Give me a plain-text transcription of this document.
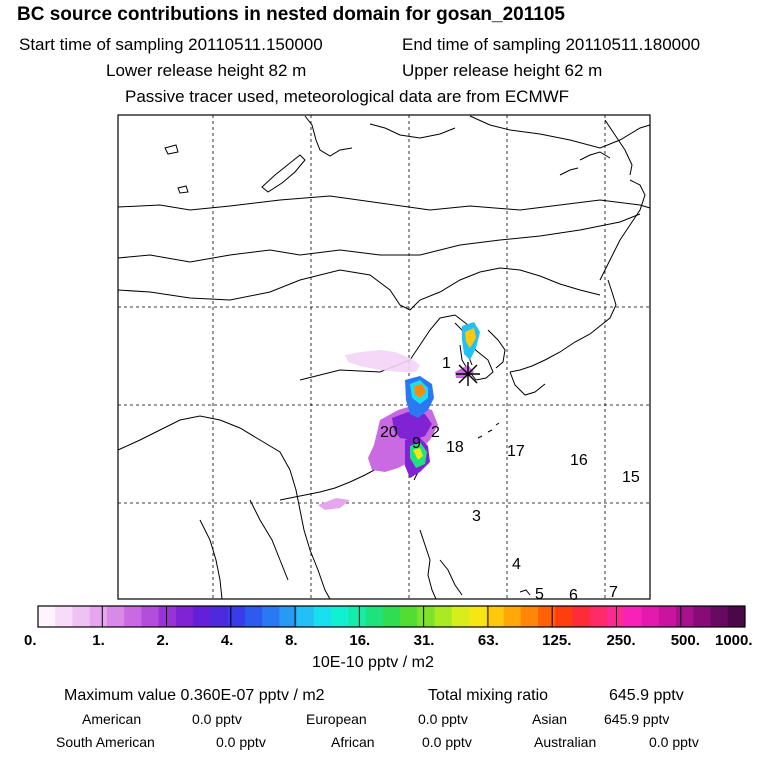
BC source contributions in nested domain for gosan_201105
Start time of sampling 20110511.150000	End time of sampling 20110511.180000
Lower release height 82 m	Upper release height 62 m
Passive tracer used, meteorological data are from ECMWF
1
20 2
9 18	17
16
15
3
4
5 6 7
0.	1.	2.	4.	8.	16.	31.	63.	125. 250. 500. 1000.
10E-10 pptv / m2
Maximum value 0.360E-07 pptv / m2	Total mixing ratio	645.9 pptv
American	0.0 pptv	European	0.0 pptv	Asian	645.9 pptv
South American	0.0 pptv	African	0.0 pptv	Australian	0.0 pptv
